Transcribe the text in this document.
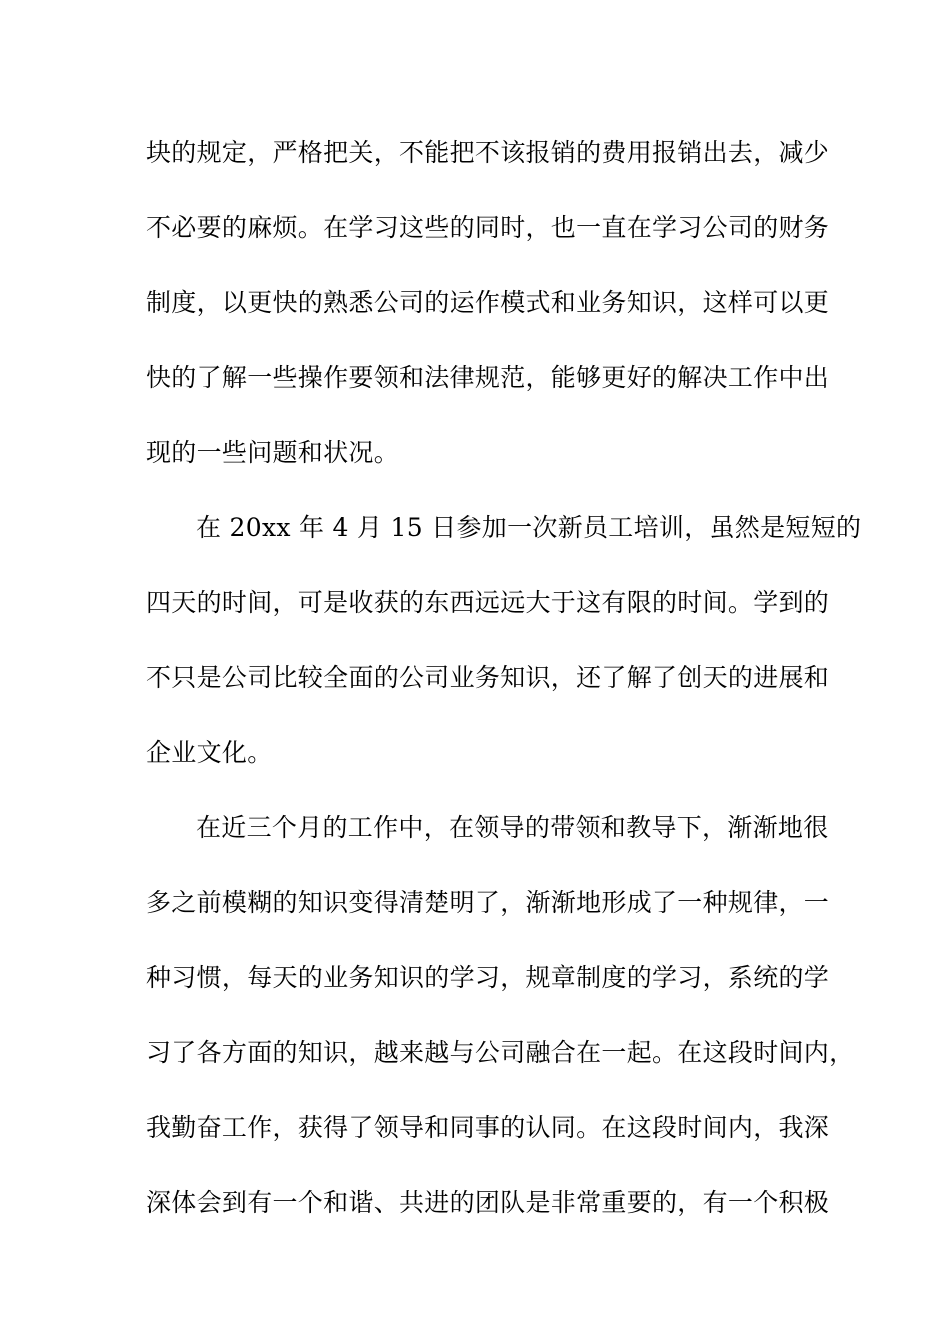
块的规定，严格把关，不能把不该报销的费用报销出去，减少
不必要的麻烦。在学习这些的同时，也一直在学习公司的财务
制度，以更快的熟悉公司的运作模式和业务知识，这样可以更
快的了解一些操作要领和法律规范，能够更好的解决工作中出
现的一些问题和状况。
在 20xx 年 4 月 15 日参加一次新员工培训，虽然是短短的
四天的时间，可是收获的东西远远大于这有限的时间。学到的
不只是公司比较全面的公司业务知识，还了解了创天的进展和
企业文化。
在近三个月的工作中，在领导的带领和教导下，渐渐地很
多之前模糊的知识变得清楚明了，渐渐地形成了一种规律，一
种习惯，每天的业务知识的学习，规章制度的学习，系统的学
习了各方面的知识，越来越与公司融合在一起。在这段时间内，
我勤奋工作，获得了领导和同事的认同。在这段时间内，我深
深体会到有一个和谐、共进的团队是非常重要的，有一个积极
